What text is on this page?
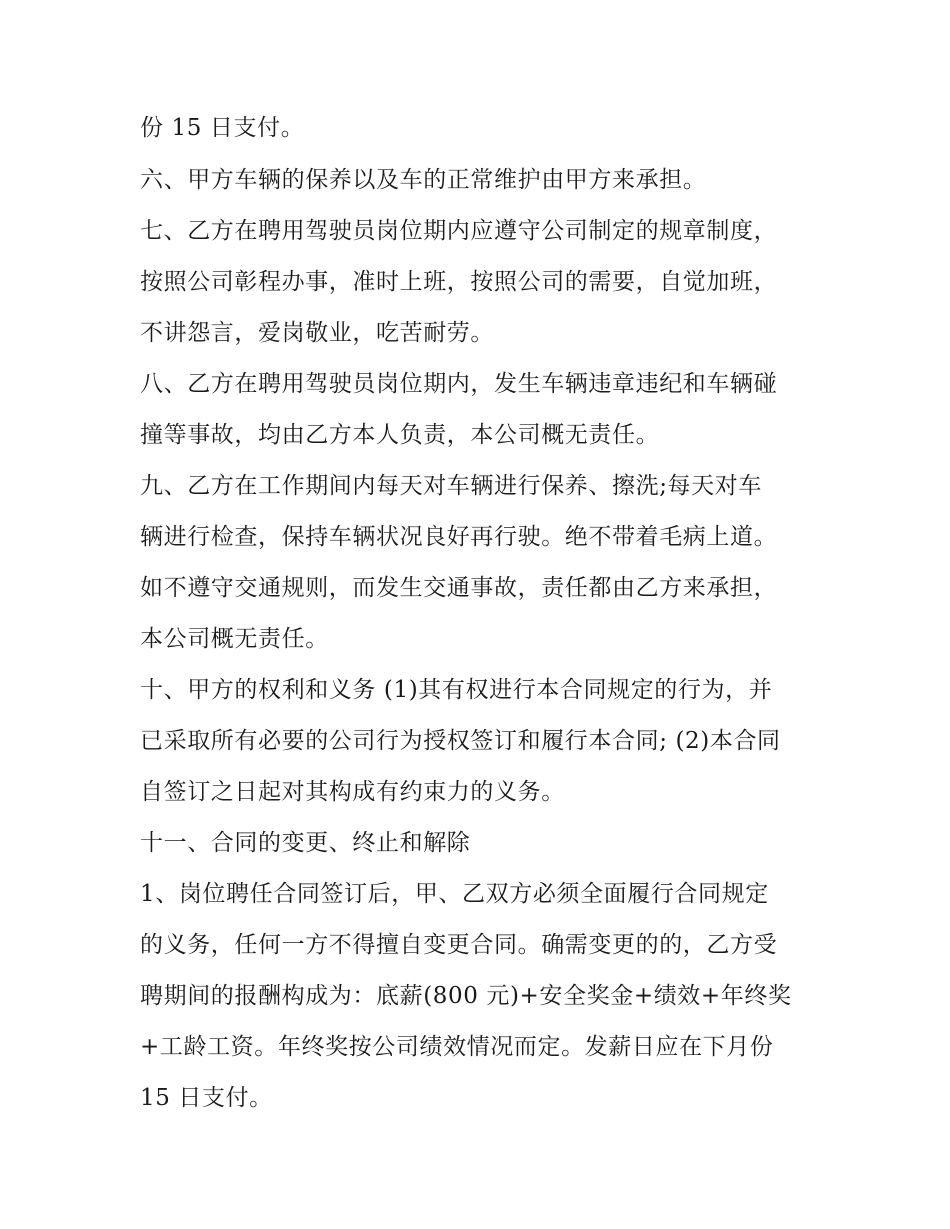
份 15 日支付。
六、甲方车辆的保养以及车的正常维护由甲方来承担。
七、乙方在聘用驾驶员岗位期内应遵守公司制定的规章制度，
按照公司彰程办事，准时上班，按照公司的需要，自觉加班，
不讲怨言，爱岗敬业，吃苦耐劳。
八、乙方在聘用驾驶员岗位期内，发生车辆违章违纪和车辆碰
撞等事故，均由乙方本人负责，本公司概无责任。
九、乙方在工作期间内每天对车辆进行保养、擦洗;每天对车
辆进行检查，保持车辆状况良好再行驶。绝不带着毛病上道。
如不遵守交通规则，而发生交通事故，责任都由乙方来承担，
本公司概无责任。
十、甲方的权利和义务 (1)其有权进行本合同规定的行为，并
已采取所有必要的公司行为授权签订和履行本合同; (2)本合同
自签订之日起对其构成有约束力的义务。
十一、合同的变更、终止和解除
1、岗位聘任合同签订后，甲、乙双方必须全面履行合同规定
的义务，任何一方不得擅自变更合同。确需变更的的，乙方受
聘期间的报酬构成为：底薪(800 元)+安全奖金+绩效+年终奖
+工龄工资。年终奖按公司绩效情况而定。发薪日应在下月份
15 日支付。
